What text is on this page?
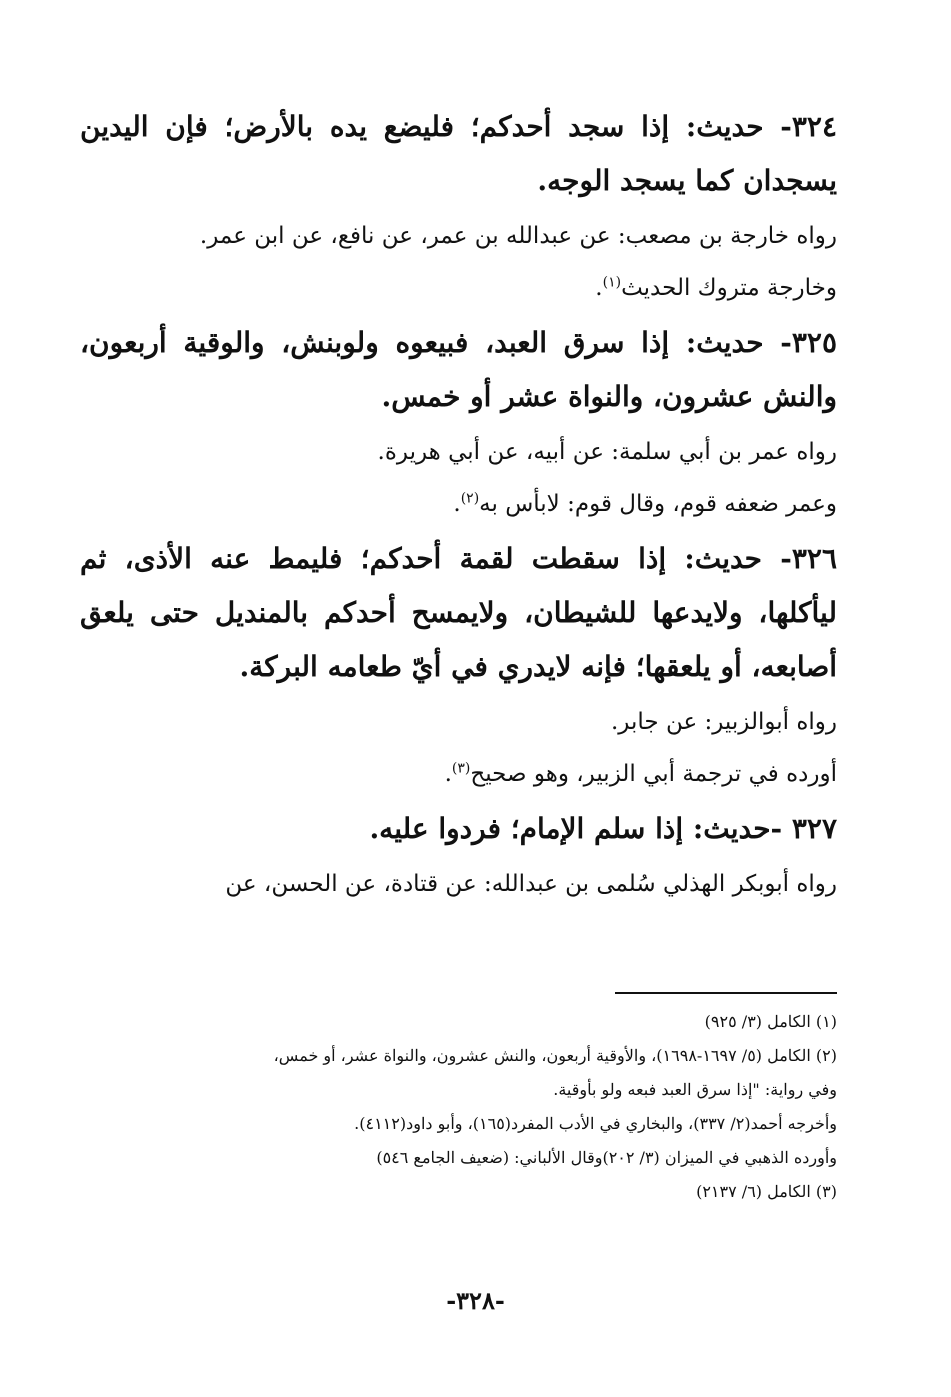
٣٢٤- حديث: إذا سجد أحدكم؛ فليضع يده بالأرض؛ فإن اليدين يسجدان كما يسجد الوجه.
رواه خارجة بن مصعب: عن عبدالله بن عمر، عن نافع، عن ابن عمر.
وخارجة متروك الحديث$^{(١)}$.
٣٢٥- حديث: إذا سرق العبد، فبيعوه ولوبنش، والوقية أربعون، والنش عشرون، والنواة عشر أو خمس.
رواه عمر بن أبي سلمة: عن أبيه، عن أبي هريرة.
وعمر ضعفه قوم، وقال قوم: لابأس به$^{(٢)}$.
٣٢٦- حديث: إذا سقطت لقمة أحدكم؛ فليمط عنه الأذى، ثم ليأكلها، ولايدعها للشيطان، ولايمسح أحدكم بالمنديل حتى يلعق أصابعه، أو يلعقها؛ فإنه لايدري في أيّ طعامه البركة.
رواه أبوالزبير: عن جابر.
أورده في ترجمة أبي الزبير، وهو صحيح$^{(٣)}$.
٣٢٧ -حديث: إذا سلم الإمام؛ فردوا عليه.
رواه أبوبكر الهذلي سُلمى بن عبدالله: عن قتادة، عن الحسن، عن
(١) الكامل (٣/ ٩٢٥)
(٢) الكامل (٥/ ١٦٩٧-١٦٩٨)، والأوقية أربعون، والنش عشرون، والنواة عشر، أو خمس،
وفي رواية: "إذا سرق العبد فبعه ولو بأوقية.
وأخرجه أحمد(٢/ ٣٣٧)، والبخاري في الأدب المفرد(١٦٥)، وأبو داود(٤١١٢).
وأورده الذهبي في الميزان (٣/ ٢٠٢)وقال الألباني: (ضعيف الجامع ٥٤٦)
(٣) الكامل (٦/ ٢١٣٧)
-٣٢٨-
